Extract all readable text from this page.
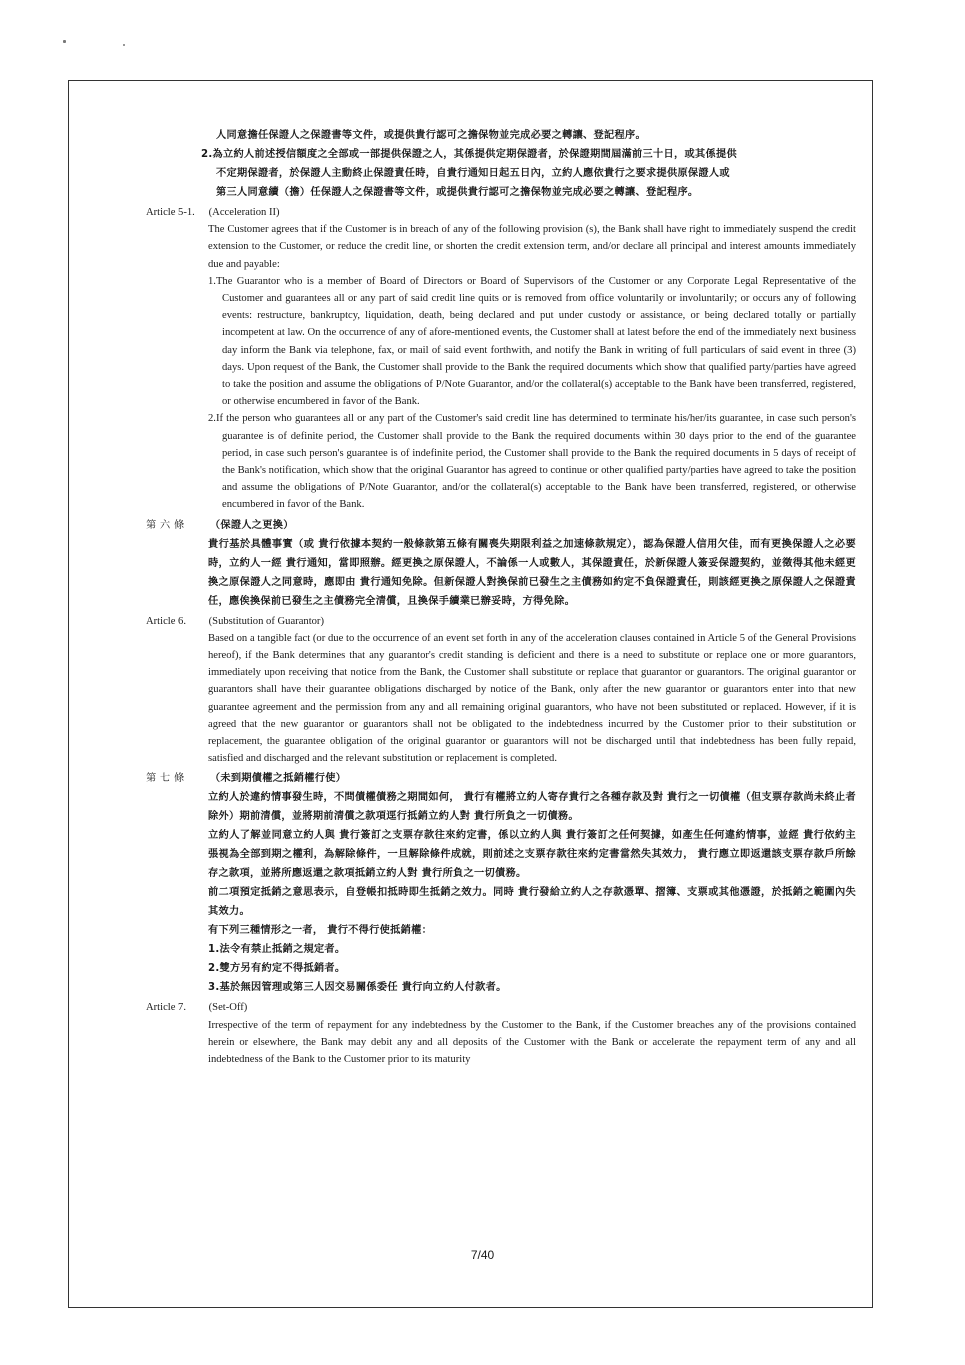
人同意擔任保證人之保證書等文件，或提供貴行認可之擔保物並完成必要之轉讓、登記程序。

2.為立約人前述授信額度之全部或一部提供保證之人，其係提供定期保證者，於保證期間屆滿前三十日，或其係提供

不定期保證者，於保證人主動終止保證責任時，自貴行通知日起五日內，立約人應依貴行之要求提供原保證人或

第三人同意續（擔）任保證人之保證書等文件，或提供貴行認可之擔保物並完成必要之轉讓、登記程序。

Article 5-1. (Acceleration II)

The Customer agrees that if the Customer is in breach of any of the following provision (s), the Bank shall have right to immediately suspend the credit extension to the Customer, or reduce the credit line, or shorten the credit extension term, and/or declare all principal and interest amounts immediately due and payable:

1.The Guarantor who is a member of Board of Directors or Board of Supervisors of the Customer or any Corporate Legal Representative of the Customer and guarantees all or any part of said credit line quits or is removed from office voluntarily or involuntarily; or occurs any of following events: restructure, bankruptcy, liquidation, death, being declared and put under custody or assistance, or being declared totally or partially incompetent at law. On the occurrence of any of afore-mentioned events, the Customer shall at latest before the end of the immediately next business day inform the Bank via telephone, fax, or mail of said event forthwith, and notify the Bank in writing of full particulars of said event in three (3) days. Upon request of the Bank, the Customer shall provide to the Bank the required documents which show that qualified party/parties have agreed to take the position and assume the obligations of P/Note Guarantor, and/or the collateral(s) acceptable to the Bank have been transferred, registered, or otherwise encumbered in favor of the Bank.

2.If the person who guarantees all or any part of the Customer's said credit line has determined to terminate his/her/its guarantee, in case such person's guarantee is of definite period, the Customer shall provide to the Bank the required documents within 30 days prior to the end of the guarantee period, in case such person's guarantee is of indefinite period, the Customer shall provide to the Bank the required documents in 5 days of receipt of the Bank's notification, which show that the original Guarantor has agreed to continue or other qualified party/parties have agreed to take the position and assume the obligations of P/Note Guarantor, and/or the collateral(s) acceptable to the Bank have been transferred, registered, or otherwise encumbered in favor of the Bank.

第 六 條 （保證人之更換）

貴行基於具體事實（或 貴行依據本契約一般條款第五條有關喪失期限利益之加速條款規定），認為保證人信用欠佳，而有更換保證人之必要時，立約人一經 貴行通知，當即照辦。經更換之原保證人，不論係一人或數人，其保證責任，於新保證人簽妥保證契約，並徵得其他未經更換之原保證人之同意時，應即由 貴行通知免除。但新保證人對換保前已發生之主債務如約定不負保證責任，則該經更換之原保證人之保證責任，應俟換保前已發生之主債務完全清償，且換保手續業已辦妥時，方得免除。

Article 6. (Substitution of Guarantor)

Based on a tangible fact (or due to the occurrence of an event set forth in any of the acceleration clauses contained in Article 5 of the General Provisions hereof), if the Bank determines that any guarantor's credit standing is deficient and there is a need to substitute or replace one or more guarantors, immediately upon receiving that notice from the Bank, the Customer shall substitute or replace that guarantor or guarantors. The original guarantor or guarantors shall have their guarantee obligations discharged by notice of the Bank, only after the new guarantor or guarantors enter into that new guarantee agreement and the permission from any and all remaining original guarantors, who have not been substituted or replaced. However, if it is agreed that the new guarantor or guarantors shall not be obligated to the indebtedness incurred by the Customer prior to their substitution or replacement, the guarantee obligation of the original guarantor or guarantors will not be discharged until that indebtedness has been fully repaid, satisfied and discharged and the relevant substitution or replacement is completed.

第 七 條 （未到期債權之抵銷權行使）

立約人於違約情事發生時，不問債權債務之期間如何， 貴行有權將立約人寄存貴行之各種存款及對 貴行之一切債權（但支票存款尚未終止者除外）期前清償，並將期前清償之款項逕行抵銷立約人對 貴行所負之一切債務。

立約人了解並同意立約人與 貴行簽訂之支票存款往來約定書，係以立約人與 貴行簽訂之任何契據，如產生任何違約情事，並經 貴行依約主張視為全部到期之權利，為解除條件，一旦解除條件成就，則前述之支票存款往來約定書當然失其效力， 貴行應立即返還該支票存款戶所餘存之款項，並將所應返還之款項抵銷立約人對 貴行所負之一切債務。

前二項預定抵銷之意思表示，自登帳扣抵時即生抵銷之效力。同時 貴行發給立約人之存款憑單、摺簿、支票或其他憑證，於抵銷之範圍內失其效力。

有下列三種情形之一者， 貴行不得行使抵銷權：

1.法令有禁止抵銷之規定者。

2.雙方另有約定不得抵銷者。

3.基於無因管理或第三人因交易關係委任 貴行向立約人付款者。

Article 7. (Set-Off)

Irrespective of the term of repayment for any indebtedness by the Customer to the Bank, if the Customer breaches any of the provisions contained herein or elsewhere, the Bank may debit any and all deposits of the Customer with the Bank or accelerate the repayment term of any and all indebtedness of the Bank to the Customer prior to its maturity

7/40
